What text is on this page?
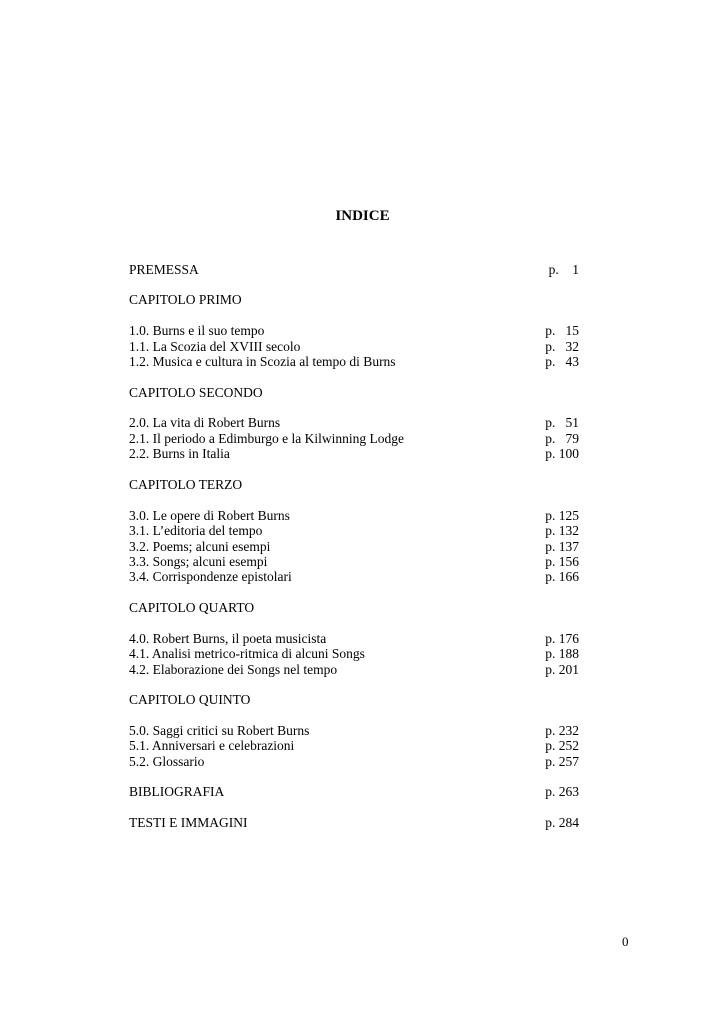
INDICE
PREMESSA	p.    1
CAPITOLO PRIMO
1.0. Burns e il suo tempo	p.   15
1.1. La Scozia del XVIII secolo	p.   32
1.2. Musica e cultura in Scozia al tempo di Burns	p.   43
CAPITOLO SECONDO
2.0. La vita di Robert Burns	p.   51
2.1. Il periodo a Edimburgo e la Kilwinning Lodge	p.   79
2.2. Burns in Italia	p. 100
CAPITOLO TERZO
3.0. Le opere di Robert Burns	p. 125
3.1. L’editoria del tempo	p. 132
3.2. Poems; alcuni esempi	p. 137
3.3. Songs; alcuni esempi	p. 156
3.4. Corrispondenze epistolari	p. 166
CAPITOLO QUARTO
4.0. Robert Burns, il poeta musicista	p. 176
4.1. Analisi metrico-ritmica di alcuni Songs	p. 188
4.2. Elaborazione dei Songs nel tempo	p. 201
CAPITOLO QUINTO
5.0. Saggi critici su Robert Burns	p. 232
5.1. Anniversari e celebrazioni	p. 252
5.2. Glossario	p. 257
BIBLIOGRAFIA	p. 263
TESTI E IMMAGINI	p. 284
0
